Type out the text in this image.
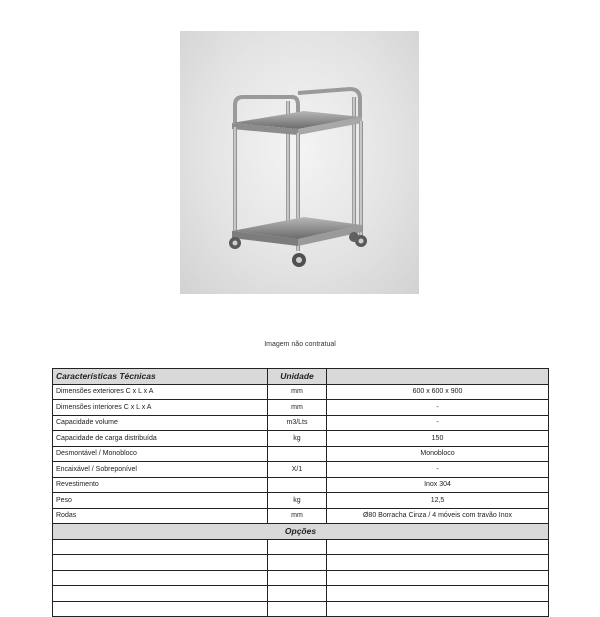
Imagem não contratual
Características Técnicas	Unidade	
Dimensões exteriores C x L x A	mm	600 x 600 x 900
Dimensões interiores C x L x A	mm	-
Capacidade volume	m3/Lts	-
Capacidade de carga distribuída	kg	150
Desmontável / Monobloco		Monobloco
Encaixável / Sobreponível	X/1	-
Revestimento		Inox 304
Peso	kg	12,5
Rodas	mm	Ø80 Borracha Cinza / 4 móveis com travão Inox
Opções		
